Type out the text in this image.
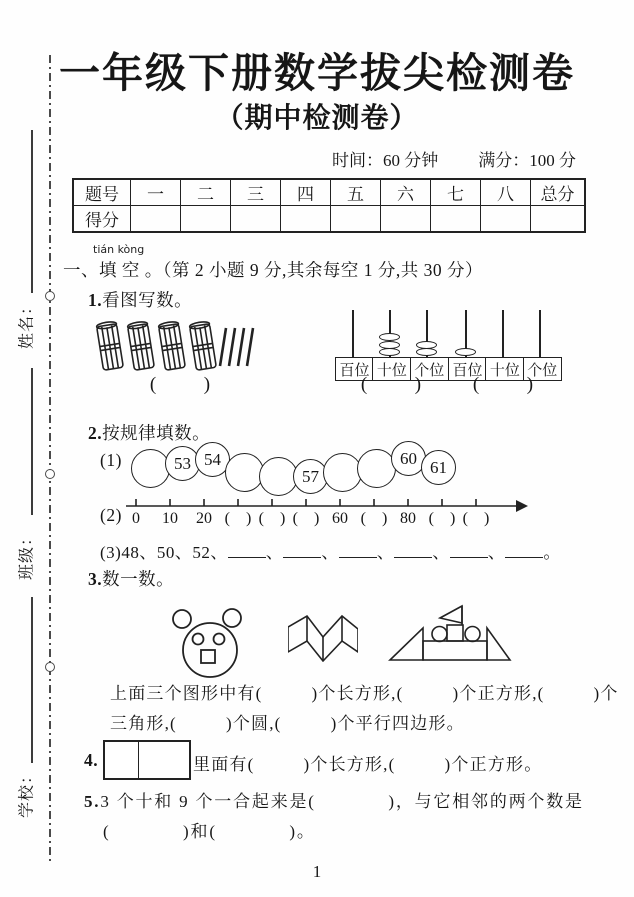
姓名：
班级：
学校：
一年级下册数学拔尖检测卷
（期中检测卷）
时间：60 分钟 满分：100 分
题号	一	二	三	四	五	六	七	八	总分
得分									
tián kòng
一、填 空 。（第 2 小题 9 分,其余每空 1 分,共 30 分）
1.看图写数。
百位 十位 个位 百位 十位 个位
(          )	(          )	(          )
2.按规律填数。
(1)	53 54
57
60 61
(2) 0 10 20 (    ) (    ) (    ) 60 (    ) 80 (    ) (    )
(3)48、50、52、 、 、 、 、 、 。
3.数一数。
上面三个图形中有(         )个长方形,(         )个正方形,(         )个
三角形,(         )个圆,(         )个平行四边形。
4.	里面有(         )个长方形,(         )个正方形。
5.3 个十和 9 个一合起来是(            )，与它相邻的两个数是
(            )和(            )。
1
